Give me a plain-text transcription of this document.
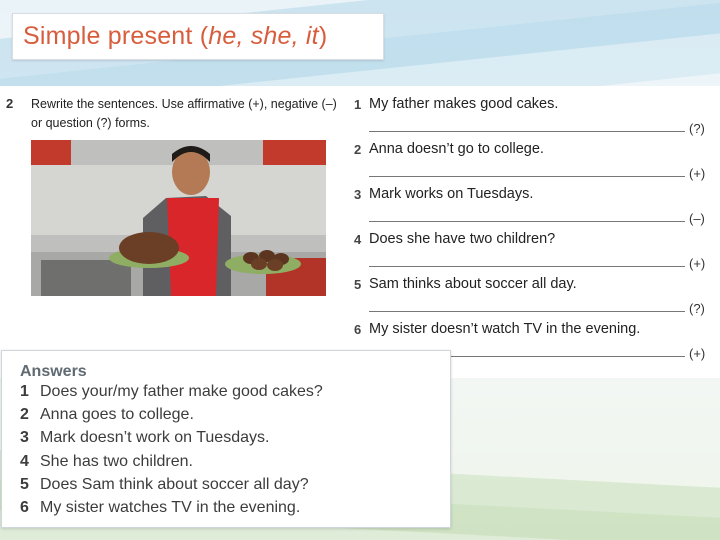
Simple present (he, she, it)
2 Rewrite the sentences. Use affirmative (+), negative (–) or question (?) forms.
1 My father makes good cakes.
(?)
2 Anna doesn’t go to college.
(+)
3 Mark works on Tuesdays.
(–)
4 Does she have two children?
(+)
5 Sam thinks about soccer all day.
(?)
6 My sister doesn’t watch TV in the evening.
(+)
Answers
1 Does your/my father make good cakes?
2 Anna goes to college.
3 Mark doesn’t work on Tuesdays.
4 She has two children.
5 Does Sam think about soccer all day?
6 My sister watches TV in the evening.
